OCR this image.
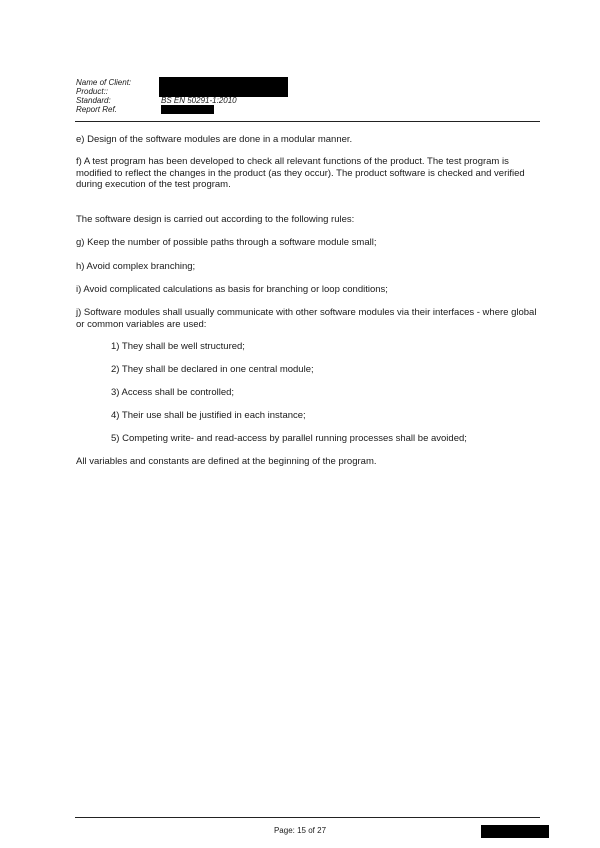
Name of Client:
Product::
Standard:
Report Ref.
BS EN 50291-1:2010

e) Design of the software modules are done in a modular manner.

f) A test program has been developed to check all relevant functions of the product. The test program is modified to reflect the changes in the product (as they occur). The product software is checked and verified during execution of the test program.

The software design is carried out according to the following rules:

g) Keep the number of possible paths through a software module small;

h) Avoid complex branching;

i) Avoid complicated calculations as basis for branching or loop conditions;

j) Software modules shall usually communicate with other software modules via their interfaces - where global or common variables are used:

1) They shall be well structured;

2) They shall be declared in one central module;

3) Access shall be controlled;

4) Their use shall be justified in each instance;

5) Competing write- and read-access by parallel running processes shall be avoided;

All variables and constants are defined at the beginning of the program.

Page: 15 of 27
